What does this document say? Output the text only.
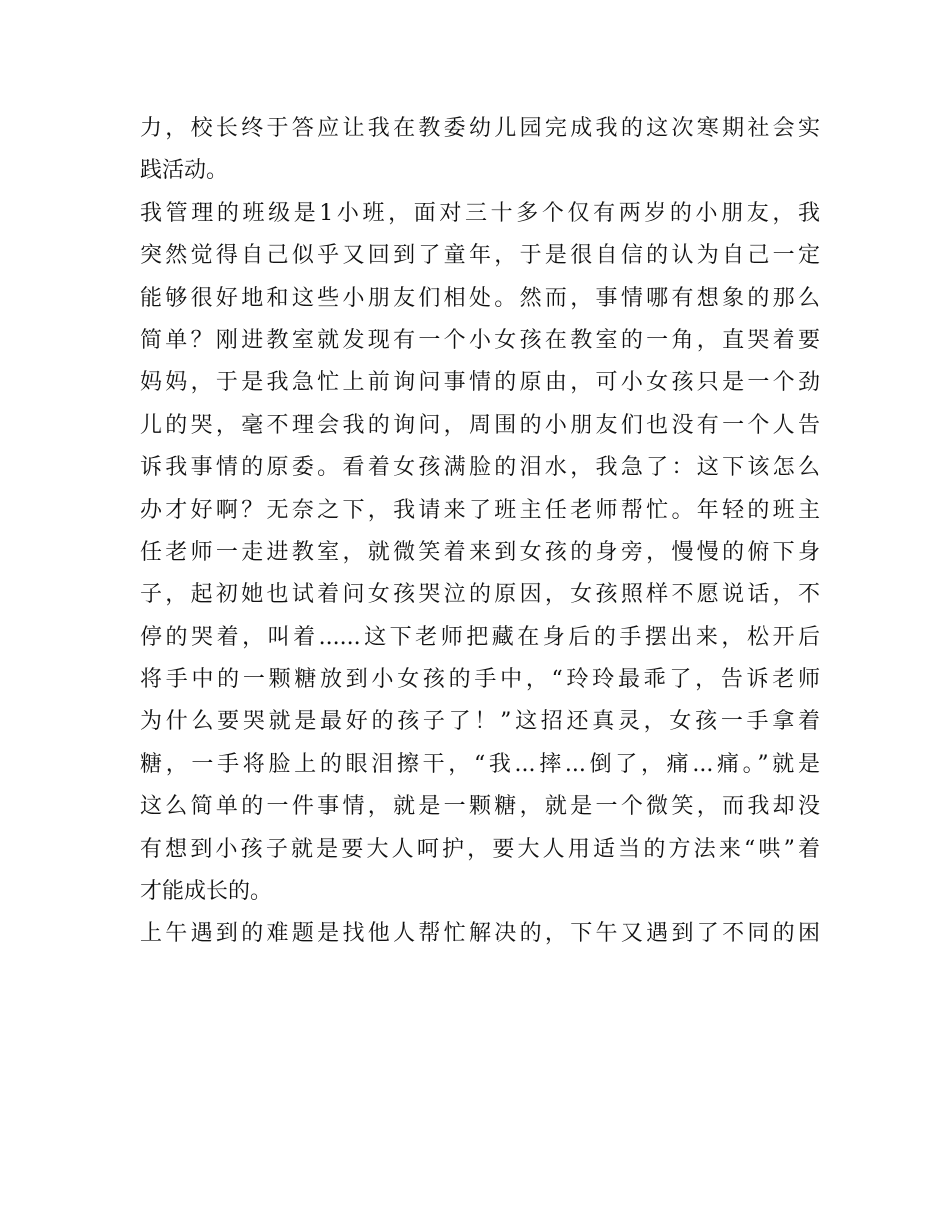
力，校长终于答应让我在教委幼儿园完成我的这次寒期社会实
践活动。
我管理的班级是1小班，面对三十多个仅有两岁的小朋友，我
突然觉得自己似乎又回到了童年，于是很自信的认为自己一定
能够很好地和这些小朋友们相处。然而，事情哪有想象的那么
简单？刚进教室就发现有一个小女孩在教室的一角，直哭着要
妈妈，于是我急忙上前询问事情的原由，可小女孩只是一个劲
儿的哭，毫不理会我的询问，周围的小朋友们也没有一个人告
诉我事情的原委。看着女孩满脸的泪水，我急了：这下该怎么
办才好啊？无奈之下，我请来了班主任老师帮忙。年轻的班主
任老师一走进教室，就微笑着来到女孩的身旁，慢慢的俯下身
子，起初她也试着问女孩哭泣的原因，女孩照样不愿说话，不
停的哭着，叫着......这下老师把藏在身后的手摆出来，松开后
将手中的一颗糖放到小女孩的手中，“玲玲最乖了，告诉老师
为什么要哭就是最好的孩子了！”这招还真灵，女孩一手拿着
糖，一手将脸上的眼泪擦干，“我...摔...倒了，痛...痛。”就是
这么简单的一件事情，就是一颗糖，就是一个微笑，而我却没
有想到小孩子就是要大人呵护，要大人用适当的方法来“哄”着
才能成长的。
上午遇到的难题是找他人帮忙解决的，下午又遇到了不同的困
